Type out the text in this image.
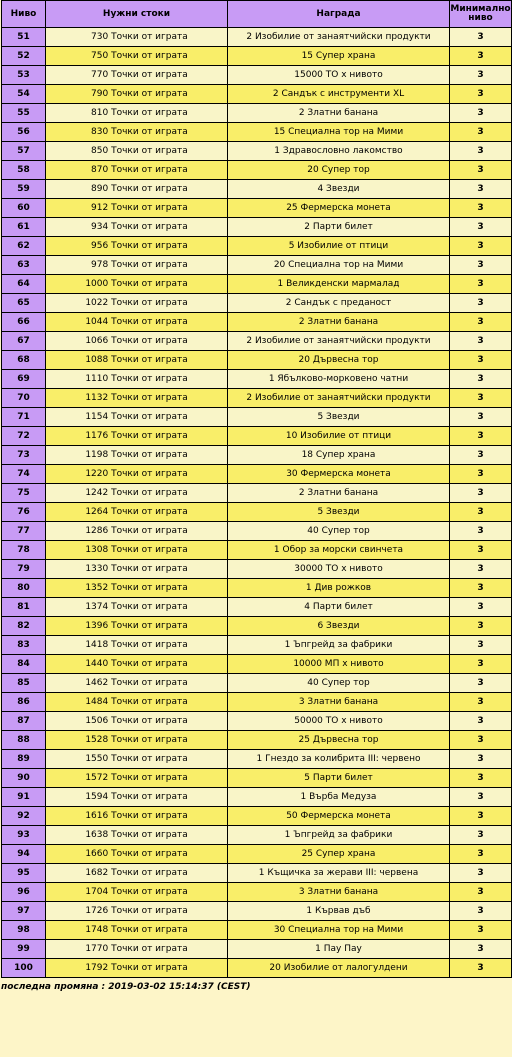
Ниво	Нужни стоки	Награда	Минимално
ниво
51	730 Точки от играта	2 Изобилие от занаятчийски продукти	3
52	750 Точки от играта	15 Супер храна	3
53	770 Точки от играта	15000 ТО x нивото	3
54	790 Точки от играта	2 Сандък с инструменти XL	3
55	810 Точки от играта	2 Златни банана	3
56	830 Точки от играта	15 Специална тор на Мими	3
57	850 Точки от играта	1 Здравословно лакомство	3
58	870 Точки от играта	20 Супер тор	3
59	890 Точки от играта	4 Звезди	3
60	912 Точки от играта	25 Фермерска монета	3
61	934 Точки от играта	2 Парти билет	3
62	956 Точки от играта	5 Изобилие от птици	3
63	978 Точки от играта	20 Специална тор на Мими	3
64	1000 Точки от играта	1 Великденски мармалад	3
65	1022 Точки от играта	2 Сандък с преданост	3
66	1044 Точки от играта	2 Златни банана	3
67	1066 Точки от играта	2 Изобилие от занаятчийски продукти	3
68	1088 Точки от играта	20 Дървесна тор	3
69	1110 Точки от играта	1 Ябълково-морковено чатни	3
70	1132 Точки от играта	2 Изобилие от занаятчийски продукти	3
71	1154 Точки от играта	5 Звезди	3
72	1176 Точки от играта	10 Изобилие от птици	3
73	1198 Точки от играта	18 Супер храна	3
74	1220 Точки от играта	30 Фермерска монета	3
75	1242 Точки от играта	2 Златни банана	3
76	1264 Точки от играта	5 Звезди	3
77	1286 Точки от играта	40 Супер тор	3
78	1308 Точки от играта	1 Обор за морски свинчета	3
79	1330 Точки от играта	30000 ТО x нивото	3
80	1352 Точки от играта	1 Див рожков	3
81	1374 Точки от играта	4 Парти билет	3
82	1396 Точки от играта	6 Звезди	3
83	1418 Точки от играта	1 Ъпгрейд за фабрики	3
84	1440 Точки от играта	10000 МП x нивото	3
85	1462 Точки от играта	40 Супер тор	3
86	1484 Точки от играта	3 Златни банана	3
87	1506 Точки от играта	50000 ТО x нивото	3
88	1528 Точки от играта	25 Дървесна тор	3
89	1550 Точки от играта	1 Гнездо за колибрита III: червено	3
90	1572 Точки от играта	5 Парти билет	3
91	1594 Точки от играта	1 Върба Медуза	3
92	1616 Точки от играта	50 Фермерска монета	3
93	1638 Точки от играта	1 Ъпгрейд за фабрики	3
94	1660 Точки от играта	25 Супер храна	3
95	1682 Точки от играта	1 Къщичка за жерави III: червена	3
96	1704 Точки от играта	3 Златни банана	3
97	1726 Точки от играта	1 Кървав дъб	3
98	1748 Точки от играта	30 Специална тор на Мими	3
99	1770 Точки от играта	1 Пау Пау	3
100	1792 Точки от играта	20 Изобилие от лалогулдени	3
последна промяна : 2019-03-02 15:14:37 (CEST)
